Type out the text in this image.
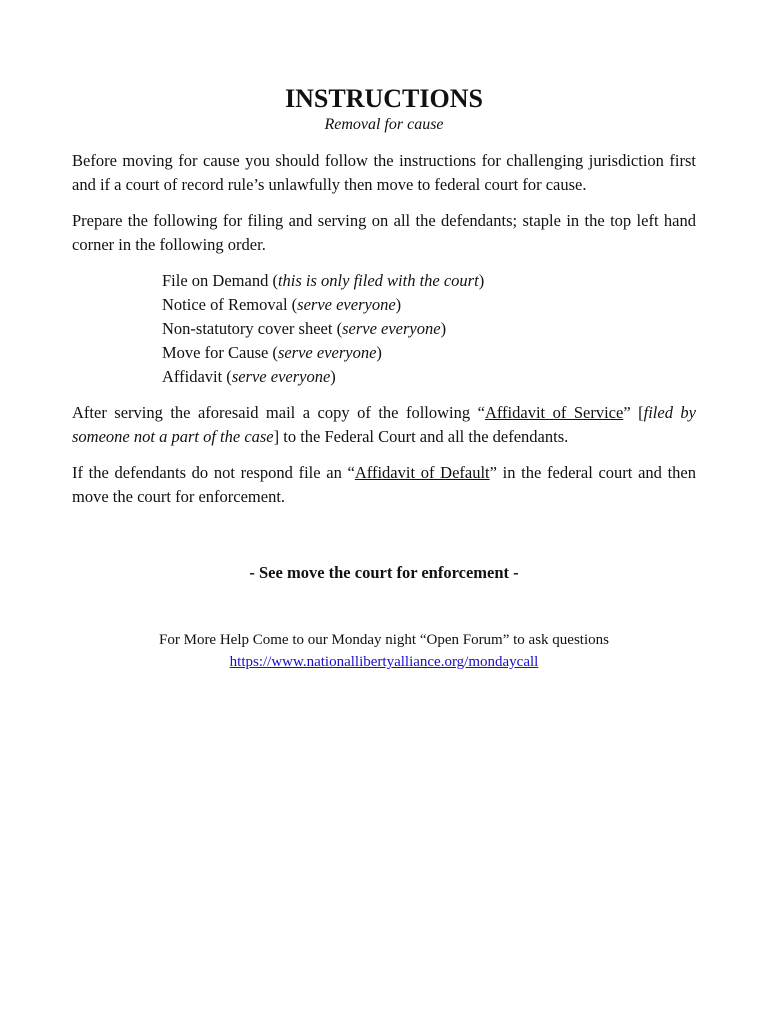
INSTRUCTIONS

Removal for cause

Before moving for cause you should follow the instructions for challenging jurisdiction first and if a court of record rule’s unlawfully then move to federal court for cause.

Prepare the following for filing and serving on all the defendants; staple in the top left hand corner in the following order.

File on Demand (this is only filed with the court)
Notice of Removal (serve everyone)
Non-statutory cover sheet (serve everyone)
Move for Cause (serve everyone)
Affidavit (serve everyone)

After serving the aforesaid mail a copy of the following “Affidavit of Service” [filed by someone not a part of the case] to the Federal Court and all the defendants.

If the defendants do not respond file an “Affidavit of Default” in the federal court and then move the court for enforcement.

- See move the court for enforcement -

For More Help Come to our Monday night “Open Forum” to ask questions
https://www.nationallibertyalliance.org/mondaycall
